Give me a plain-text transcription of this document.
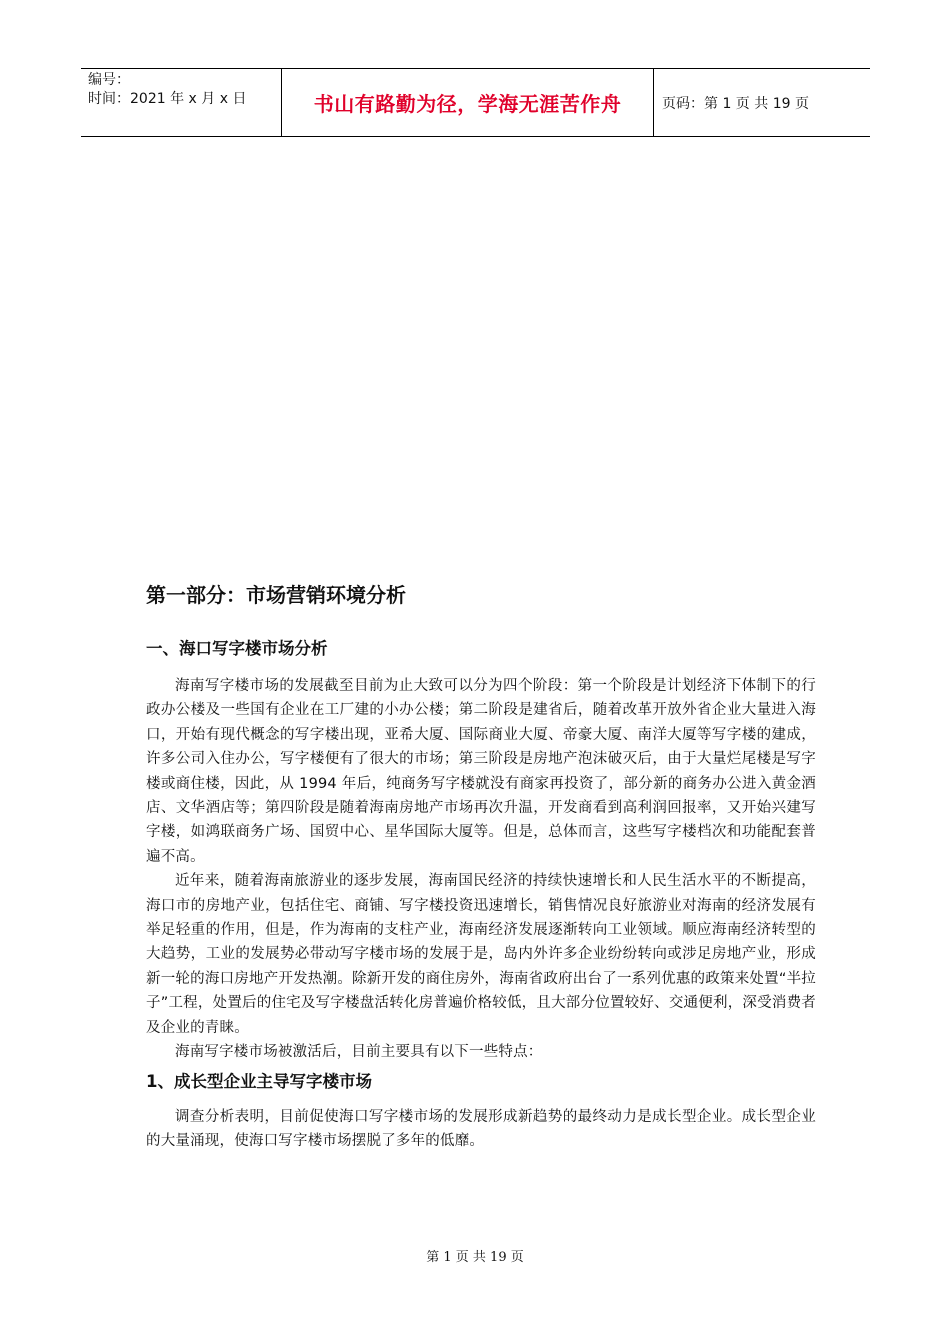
编号：
时间：2021 年 x 月 x 日	书山有路勤为径，学海无涯苦作舟	页码：第 1 页 共 19 页
第一部分：市场营销环境分析
一、海口写字楼市场分析

海南写字楼市场的发展截至目前为止大致可以分为四个阶段：第一个阶段是计划经济下体制下的行政办公楼及一些国有企业在工厂建的小办公楼；第二阶段是建省后，随着改革开放外省企业大量进入海口，开始有现代概念的写字楼出现，亚希大厦、国际商业大厦、帝豪大厦、南洋大厦等写字楼的建成，许多公司入住办公，写字楼便有了很大的市场；第三阶段是房地产泡沫破灭后，由于大量烂尾楼是写字楼或商住楼，因此，从 1994 年后，纯商务写字楼就没有商家再投资了，部分新的商务办公进入黄金酒店、文华酒店等；第四阶段是随着海南房地产市场再次升温，开发商看到高利润回报率，又开始兴建写字楼，如鸿联商务广场、国贸中心、星华国际大厦等。但是，总体而言，这些写字楼档次和功能配套普遍不高。

近年来，随着海南旅游业的逐步发展，海南国民经济的持续快速增长和人民生活水平的不断提高，海口市的房地产业，包括住宅、商铺、写字楼投资迅速增长，销售情况良好旅游业对海南的经济发展有举足轻重的作用，但是，作为海南的支柱产业，海南经济发展逐渐转向工业领域。顺应海南经济转型的大趋势，工业的发展势必带动写字楼市场的发展于是，岛内外许多企业纷纷转向或涉足房地产业，形成新一轮的海口房地产开发热潮。除新开发的商住房外，海南省政府出台了一系列优惠的政策来处置“半拉子”工程，处置后的住宅及写字楼盘活转化房普遍价格较低，且大部分位置较好、交通便利，深受消费者及企业的青睐。

海南写字楼市场被激活后，目前主要具有以下一些特点：

1、成长型企业主导写字楼市场

调查分析表明，目前促使海口写字楼市场的发展形成新趋势的最终动力是成长型企业。成长型企业的大量涌现，使海口写字楼市场摆脱了多年的低靡。

第 1 页 共 19 页
